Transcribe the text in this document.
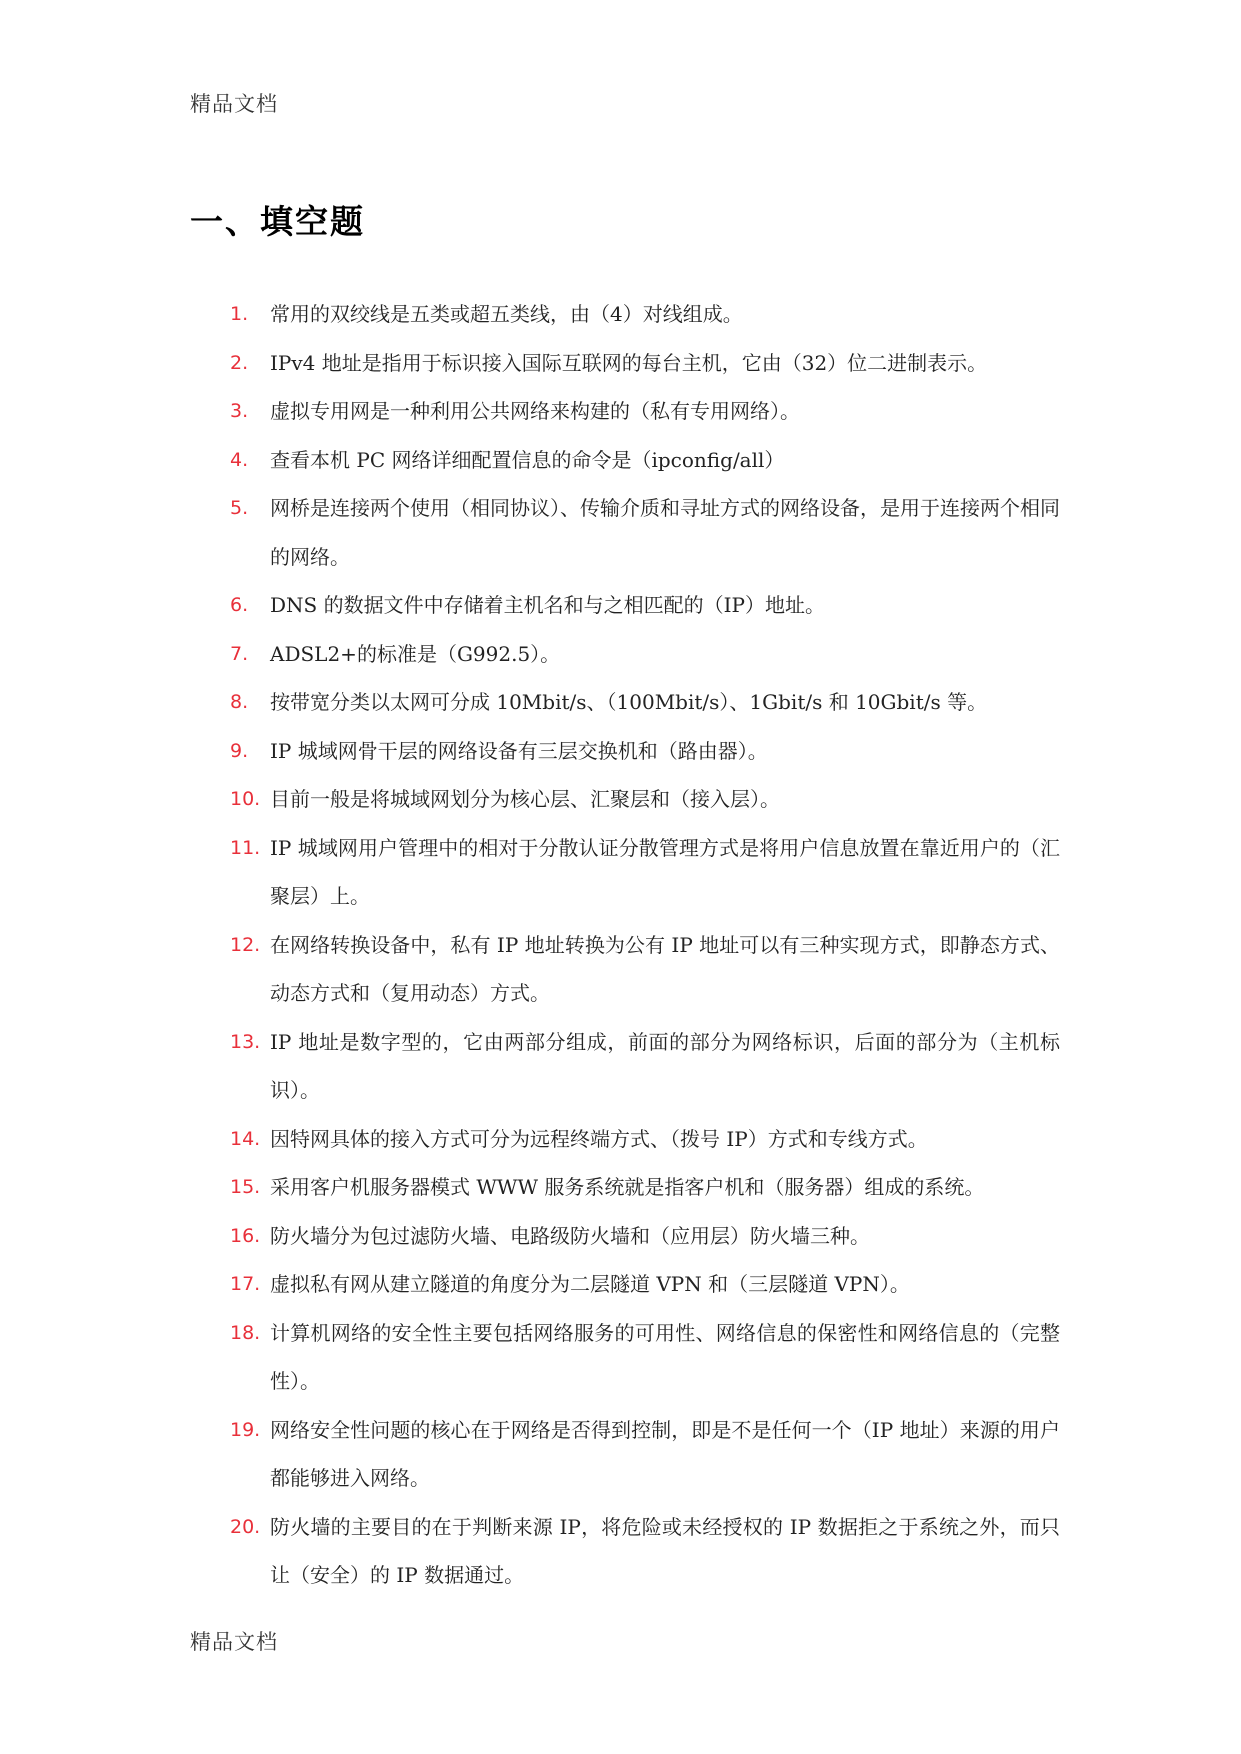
精品文档
一、填空题
1.	常用的双绞线是五类或超五类线，由（4）对线组成。
2.	IPv4 地址是指用于标识接入国际互联网的每台主机，它由（32）位二进制表示。
3.	虚拟专用网是一种利用公共网络来构建的（私有专用网络）。
4.	查看本机 PC 网络详细配置信息的命令是（ipconfig/all）
5.	网桥是连接两个使用（相同协议）、传输介质和寻址方式的网络设备，是用于连接两个相同的网络。
6.	DNS 的数据文件中存储着主机名和与之相匹配的（IP）地址。
7.	ADSL2+的标准是（G992.5）。
8.	按带宽分类以太网可分成 10Mbit/s、（100Mbit/s）、1Gbit/s 和 10Gbit/s 等。
9.	IP 城域网骨干层的网络设备有三层交换机和（路由器）。
10. 目前一般是将城域网划分为核心层、汇聚层和（接入层）。
11. IP 城域网用户管理中的相对于分散认证分散管理方式是将用户信息放置在靠近用户的（汇聚层）上。
12. 在网络转换设备中，私有 IP 地址转换为公有 IP 地址可以有三种实现方式，即静态方式、动态方式和（复用动态）方式。
13. IP 地址是数字型的，它由两部分组成，前面的部分为网络标识，后面的部分为（主机标识）。
14. 因特网具体的接入方式可分为远程终端方式、（拨号 IP）方式和专线方式。
15. 采用客户机服务器模式 WWW 服务系统就是指客户机和（服务器）组成的系统。
16. 防火墙分为包过滤防火墙、电路级防火墙和（应用层）防火墙三种。
17. 虚拟私有网从建立隧道的角度分为二层隧道 VPN 和（三层隧道 VPN）。
18. 计算机网络的安全性主要包括网络服务的可用性、网络信息的保密性和网络信息的（完整性）。
19. 网络安全性问题的核心在于网络是否得到控制，即是不是任何一个（IP 地址）来源的用户都能够进入网络。
20. 防火墙的主要目的在于判断来源 IP，将危险或未经授权的 IP 数据拒之于系统之外，而只让（安全）的 IP 数据通过。
精品文档
